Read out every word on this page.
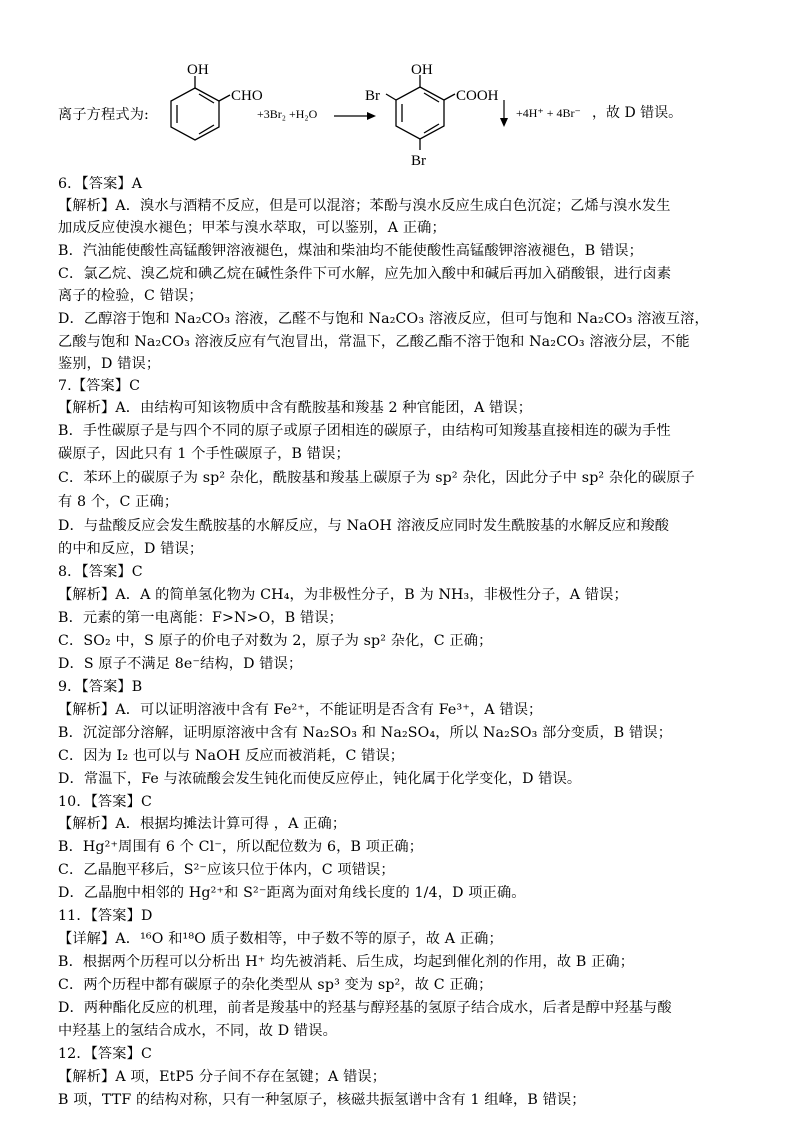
离子方程式为:
OH
CHO
+3Br₂ +H₂O
OH
Br	COOH
Br
+4H⁺ + 4Br⁻ ，故 D 错误。
6．【答案】A
【解析】A．溴水与酒精不反应，但是可以混溶；苯酚与溴水反应生成白色沉淀；乙烯与溴水发生
加成反应使溴水褪色；甲苯与溴水萃取，可以鉴别，A 正确；
B．汽油能使酸性高锰酸钾溶液褪色，煤油和柴油均不能使酸性高锰酸钾溶液褪色，B 错误；
C．氯乙烷、溴乙烷和碘乙烷在碱性条件下可水解，应先加入酸中和碱后再加入硝酸银，进行卤素
离子的检验，C 错误；
D．乙醇溶于饱和 Na₂CO₃ 溶液，乙醛不与饱和 Na₂CO₃ 溶液反应，但可与饱和 Na₂CO₃ 溶液互溶，
乙酸与饱和 Na₂CO₃ 溶液反应有气泡冒出，常温下，乙酸乙酯不溶于饱和 Na₂CO₃ 溶液分层，不能
鉴别，D 错误；
7.【答案】C
【解析】A．由结构可知该物质中含有酰胺基和羧基 2 种官能团，A 错误；
B．手性碳原子是与四个不同的原子或原子团相连的碳原子，由结构可知羧基直接相连的碳为手性
碳原子，因此只有 1 个手性碳原子，B 错误；
C．苯环上的碳原子为 sp² 杂化，酰胺基和羧基上碳原子为 sp² 杂化，因此分子中 sp² 杂化的碳原子
有 8 个，C 正确；
D．与盐酸反应会发生酰胺基的水解反应，与 NaOH 溶液反应同时发生酰胺基的水解反应和羧酸
的中和反应，D 错误；
8．【答案】C
【解析】A．A 的简单氢化物为 CH₄，为非极性分子，B 为 NH₃，非极性分子，A 错误；
B．元素的第一电离能：F>N>O，B 错误；
C．SO₂ 中，S 原子的价电子对数为 2，原子为 sp² 杂化，C 正确；
D．S 原子不满足 8e⁻结构，D 错误；
9．【答案】B
【解析】A．可以证明溶液中含有 Fe²⁺，不能证明是否含有 Fe³⁺，A 错误；
B．沉淀部分溶解，证明原溶液中含有 Na₂SO₃ 和 Na₂SO₄，所以 Na₂SO₃ 部分变质，B 错误；
C．因为 I₂ 也可以与 NaOH 反应而被消耗，C 错误；
D．常温下，Fe 与浓硫酸会发生钝化而使反应停止，钝化属于化学变化，D 错误。
10．【答案】C
【解析】A．根据均摊法计算可得 ，A 正确；
B．Hg²⁺周围有 6 个 Cl⁻，所以配位数为 6，B 项正确；
C．乙晶胞平移后，S²⁻应该只位于体内，C 项错误；
D．乙晶胞中相邻的 Hg²⁺和 S²⁻距离为面对角线长度的 1/4，D 项正确。
11．【答案】D
【详解】A．¹⁶O 和¹⁸O 质子数相等，中子数不等的原子，故 A 正确；
B．根据两个历程可以分析出 H⁺ 均先被消耗、后生成，均起到催化剂的作用，故 B 正确；
C．两个历程中都有碳原子的杂化类型从 sp³ 变为 sp²，故 C 正确；
D．两种酯化反应的机理，前者是羧基中的羟基与醇羟基的氢原子结合成水，后者是醇中羟基与酸
中羟基上的氢结合成水，不同，故 D 错误。
12．【答案】C
【解析】A 项，EtP5 分子间不存在氢键；A 错误；
B 项，TTF 的结构对称，只有一种氢原子，核磁共振氢谱中含有 1 组峰，B 错误；
